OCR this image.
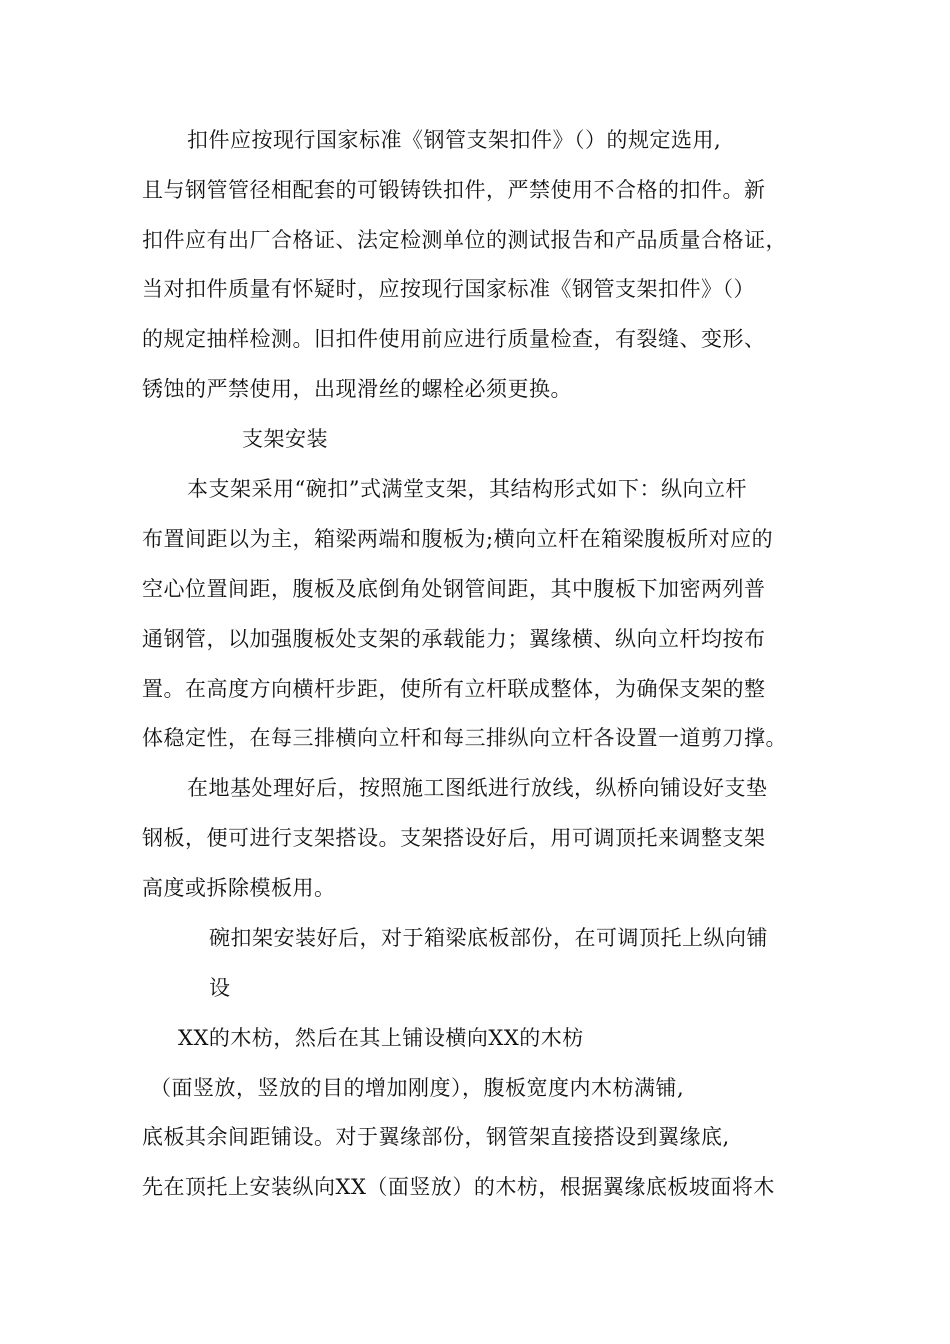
扣件应按现行国家标准《钢管支架扣件》（）的规定选用,
且与钢管管径相配套的可锻铸铁扣件，严禁使用不合格的扣件。新
扣件应有出厂合格证、法定检测单位的测试报告和产品质量合格证，
当对扣件质量有怀疑时，应按现行国家标准《钢管支架扣件》（）
的规定抽样检测。旧扣件使用前应进行质量检查，有裂缝、变形、
锈蚀的严禁使用，出现滑丝的螺栓必须更换。
支架安装
本支架采用“碗扣”式满堂支架，其结构形式如下：纵向立杆
布置间距以为主，箱梁两端和腹板为;横向立杆在箱梁腹板所对应的
空心位置间距，腹板及底倒角处钢管间距，其中腹板下加密两列普
通钢管，以加强腹板处支架的承载能力；翼缘横、纵向立杆均按布
置。在高度方向横杆步距，使所有立杆联成整体，为确保支架的整
体稳定性，在每三排横向立杆和每三排纵向立杆各设置一道剪刀撑。
在地基处理好后，按照施工图纸进行放线，纵桥向铺设好支垫
钢板，便可进行支架搭设。支架搭设好后，用可调顶托来调整支架
高度或拆除模板用。
碗扣架安装好后，对于箱梁底板部份，在可调顶托上纵向铺
设
XX的木枋，然后在其上铺设横向XX的木枋
（面竖放，竖放的目的增加刚度），腹板宽度内木枋满铺,
底板其余间距铺设。对于翼缘部份，钢管架直接搭设到翼缘底,
先在顶托上安装纵向XX（面竖放）的木枋，根据翼缘底板坡面将木
